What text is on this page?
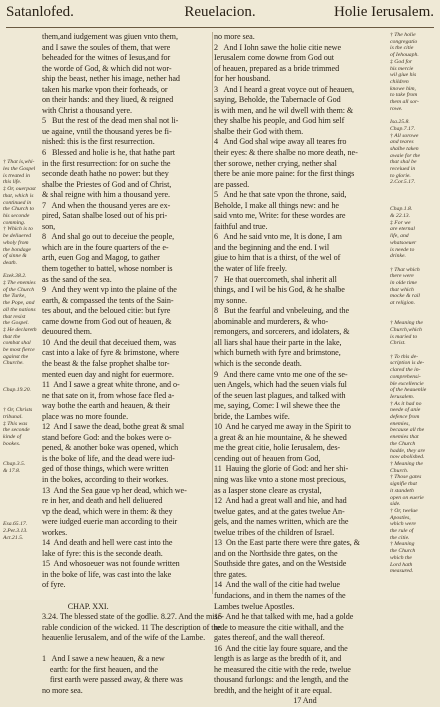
Satanlofed.	Reuelacion.	Holie Ierusalem.

† That is,whi-
les the Gospel
is treated in
this life.
‡ Or, ouerpast
that, which is
continued in
the Church to
his seconde
comming.
† Which is to
be deliuered
wholy from
the bondage
of sinne &
death.

Ezek.38.2.
‡ The enemies
of the Church
the Turke,
the Pope, and
all the nations
that resist
the Gospel.
‡ He declareth
that the
combat shal
be most fierce
against the
Churche.

Chap.19.20.

† Or, Christs
tribunal.
‡ This was
the seconde
kinde of
bookes.

Chap.3.5.
& 17.8.

Esa.65.17.
2.Pet.3.13.
Act.21.5.

them,and iudgement was giuen vnto them,
and I sawe the soules of them, that were
beheaded for the witnes of Iesus,and for
the worde of God, & which did not wor-
ship the beast, nether his image, nether had
taken his marke vpon their forheads, or
on their hands: and they liued, & reigned
with Christ a thousand yere.
5   But the rest of the dead men shal not li-
ue againe, vntil the thousand yeres be fi-
nished: this is the first resurrection.
6   Blessed and holie is he, that hathe part
in the first resurrection: for on suche the
seconde death hathe no power: but they
shalbe the Priestes of God and of Christ,
& shal reigne with him a thousand yere.
7   And when the thousand yeres are ex-
pired, Satan shalbe losed out of his pri-
son,
8   And shal go out to deceiue the people,
which are in the foure quarters of the e-
arth, euen Gog and Magog, to gather
them together to battel, whose nomber is
as the sand of the sea.
9   And they went vp into the plaine of the
earth, & compassed the tents of the Sain-
tes about, and the beloued citie: but fyre
came downe from God out of heauen, &
deuoured them.
10  And the deuil that deceiued them, was
cast into a lake of fyre & brimstone, where
the beast & the false prophet shalbe tor-
mented euen day and night for euermore.
11  And I sawe a great white throne, and o-
ne that sate on it, from whose face fled a-
way bothe the earth and heauen, & their
place was no more founde.
12  And I sawe the dead, bothe great & smal
stand before God: and the bokes were o-
pened, & another boke was opened, which
is the boke of life, and the dead were iud-
ged of those things, which were written
in the bokes, according to their workes.
13  And the Sea gaue vp her dead, which we-
re in her, and death and hell deliuered
vp the dead, which were in them: & they
were iudged euerie man according to their
workes.
14  And death and hell were cast into the
lake of fyre: this is the seconde death.
15  And whosoeuer was not founde written
in the boke of life, was cast into the lake
of fyre.

CHAP. XXI.
3.24. The blessed state of the godlie. 8.27. And the mise-
rable condicion of the wicked. 11 The description of the
heauenlie Ierusalem, and of the wife of the Lambe.

1   And I sawe a new heauen, & a new
earth: for the first heauen, and the
first earth were passed away, & there was
no more sea.
no more sea.
2   And I Iohn sawe the holie citie newe
Ierusalem come downe from God out
of heauen, prepared as a bride trimmed
for her housband.
3   And I heard a great voyce out of heauen,
saying, Beholde, the Tabernacle of God
is with men, and he wil dwell with them: &
they shalbe his people, and God him self
shalbe their God with them.
4   And God shal wipe away all teares fro
their eyes: & there shalbe no more death, ne-
ther sorowe, nether crying, nether shal
there be anie more paine: for the first things
are passed.
5   And he that sate vpon the throne, said,
Beholde, I make all things new: and he
said vnto me, Write: for these wordes are
faithful and true.
6   And he said vnto me, It is done, I am
and the beginning and the end. I wil
giue to him that is a thirst, of the wel of
the water of life freely.
7   He that ouercometh, shal inherit all
things, and I wil be his God, & he shalbe
my sonne.
8   But the fearful and vnbeleuing, and the
abominable and murderers, & who-
remongers, and sorcerers, and idolaters, &
all liars shal haue their parte in the lake,
which burneth with fyre and brimstone,
which is the seconde death.
9   And there came vnto me one of the se-
uen Angels, which had the seuen vials ful
of the seuen last plagues, and talked with
me, saying, Come: I wil shewe thee the
bride, the Lambes wife.
10  And he caryed me away in the Spirit to
a great & an hie mountaine, & he shewed
me the great citie, holie Ierusalem, des-
cending out of heauen from God,
11  Hauing the glorie of God: and her shi-
ning was like vnto a stone most precious,
as a Iasper stone cleare as crystal,
12  And had a great wall and hie, and had
twelue gates, and at the gates twelue An-
gels, and the names written, which are the
twelue tribes of the children of Israel.
13  On the East parte there were thre gates, &
and on the Northside thre gates, on the
Southside thre gates, and on the Westside
thre gates.
14  And the wall of the citie had twelue
fundacions, and in them the names of the
Lambes twelue Apostles.
15  And he that talked with me, had a golde
rede to measure the citie withall, and the
gates thereof, and the wall thereof.
16  And the citie lay foure square, and the
length is as large as the bredth of it, and
he measured the citie with the rede, twelue
thousand furlongs: and the length, and the
bredth, and the height of it are equal.
17 And
† The holie
congregatio
is the citie
of Iehouaph.
‡ God for
his mercie
wil giue his
children
knowe him,
to take from
them all sor-
rowe.

Isa.25.8.
Chap.7.17.
† All sorowe
and teares
shalbe taken
awaie for the
that shal be
receiued in
to glorie.
2.Cor.5.17.

Chap.1.8.
& 22.13.
‡ For we
are eternal
life, and
whatsoeuer
is neede to
drinke.

† That which
there were
in olde time
that which
mocke & rail
at religion.

† Meaning the
Church,which
is maried to
Christ.

† To this de-
scription is de-
clared the in-
comprehensi-
ble excellencie
of the heauenlie
Ierusalem.
† As it had no
neede of anie
defence from
enemies,
because all the
enemies that
the Church
hadde, they are
now abolished.
† Meaning the
Church.
† Those gates
signifie that
it standeth
open on euerie
side.
† Or, twelue
Apostles,
which were
the rule of
the citie.
† Meaning
the Church
which the
Lord hath
measured.
